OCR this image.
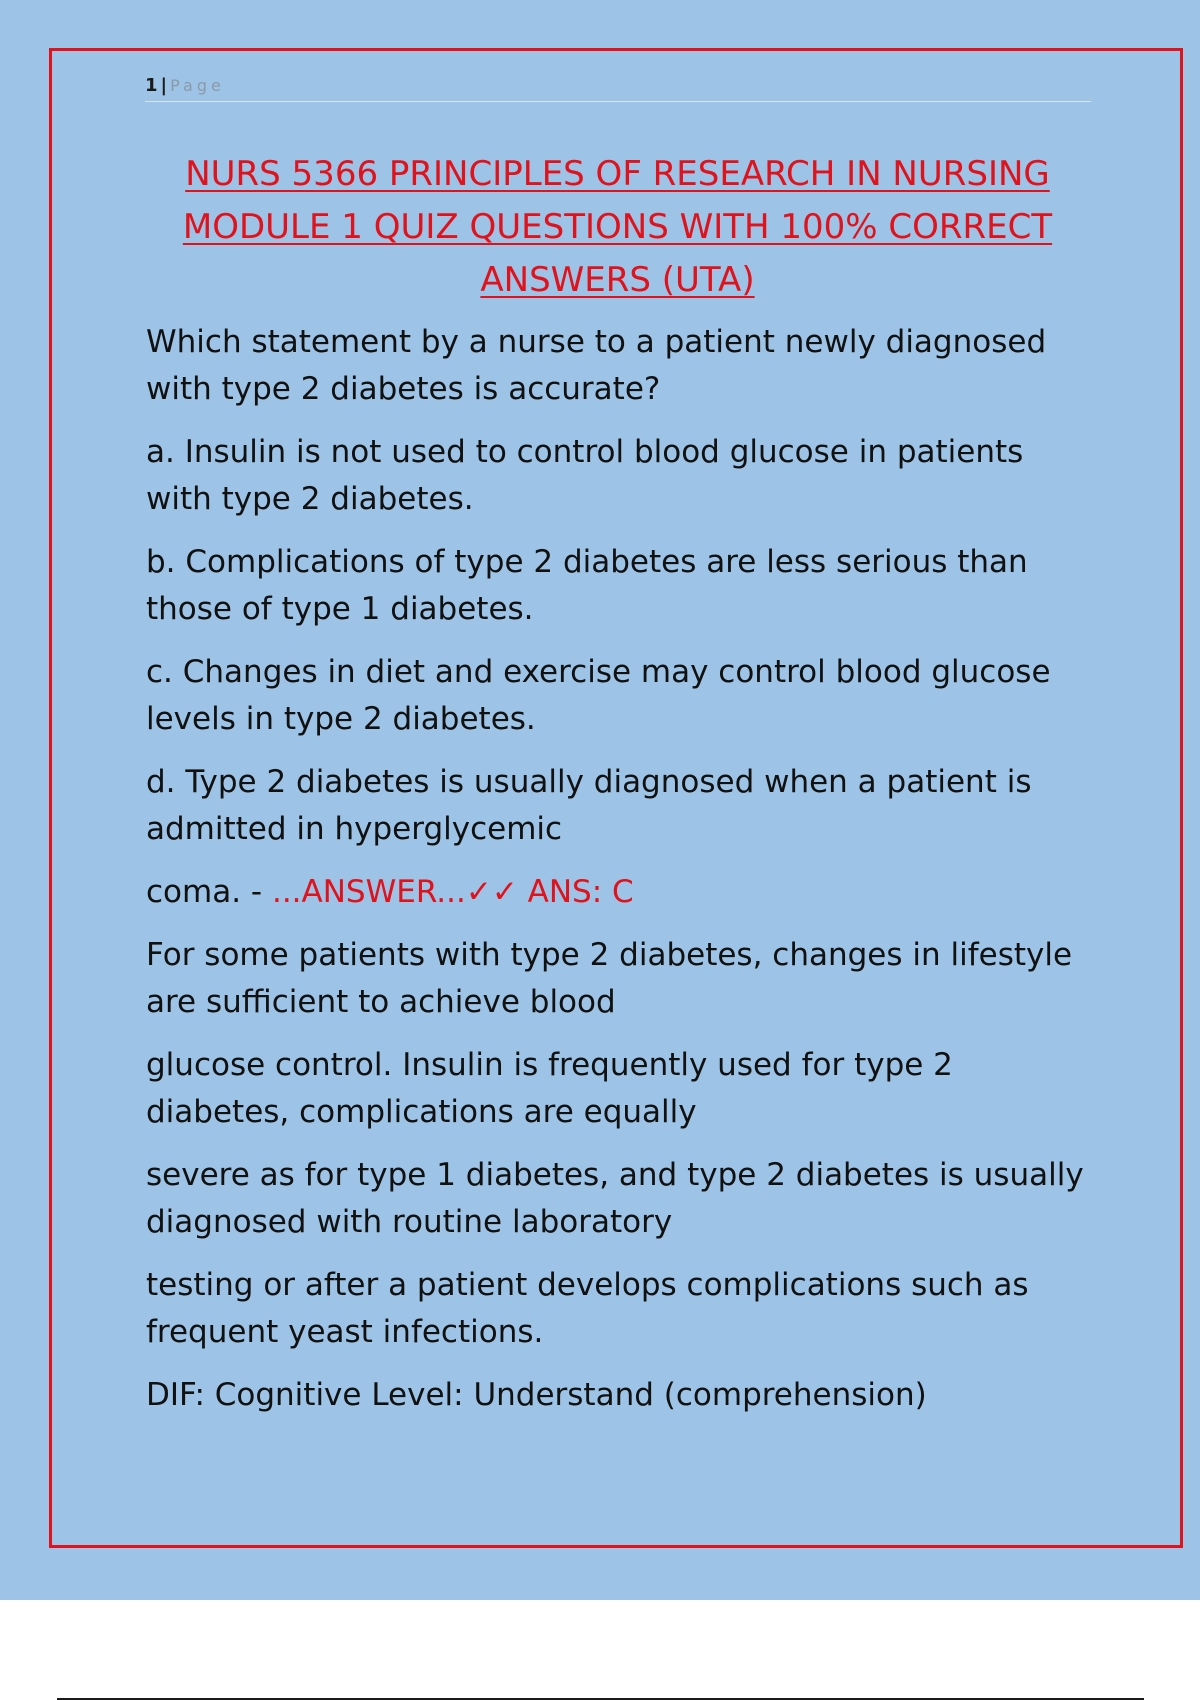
1 | Page
NURS 5366 PRINCIPLES OF RESEARCH IN NURSING MODULE 1 QUIZ QUESTIONS WITH 100% CORRECT ANSWERS (UTA)

Which statement by a nurse to a patient newly diagnosed with type 2 diabetes is accurate?

a. Insulin is not used to control blood glucose in patients with type 2 diabetes.

b. Complications of type 2 diabetes are less serious than those of type 1 diabetes.

c. Changes in diet and exercise may control blood glucose levels in type 2 diabetes.

d. Type 2 diabetes is usually diagnosed when a patient is admitted in hyperglycemic

coma. - ...ANSWER...✓✓ ANS: C

For some patients with type 2 diabetes, changes in lifestyle are sufficient to achieve blood

glucose control. Insulin is frequently used for type 2 diabetes, complications are equally

severe as for type 1 diabetes, and type 2 diabetes is usually diagnosed with routine laboratory

testing or after a patient develops complications such as frequent yeast infections.

DIF: Cognitive Level: Understand (comprehension)
